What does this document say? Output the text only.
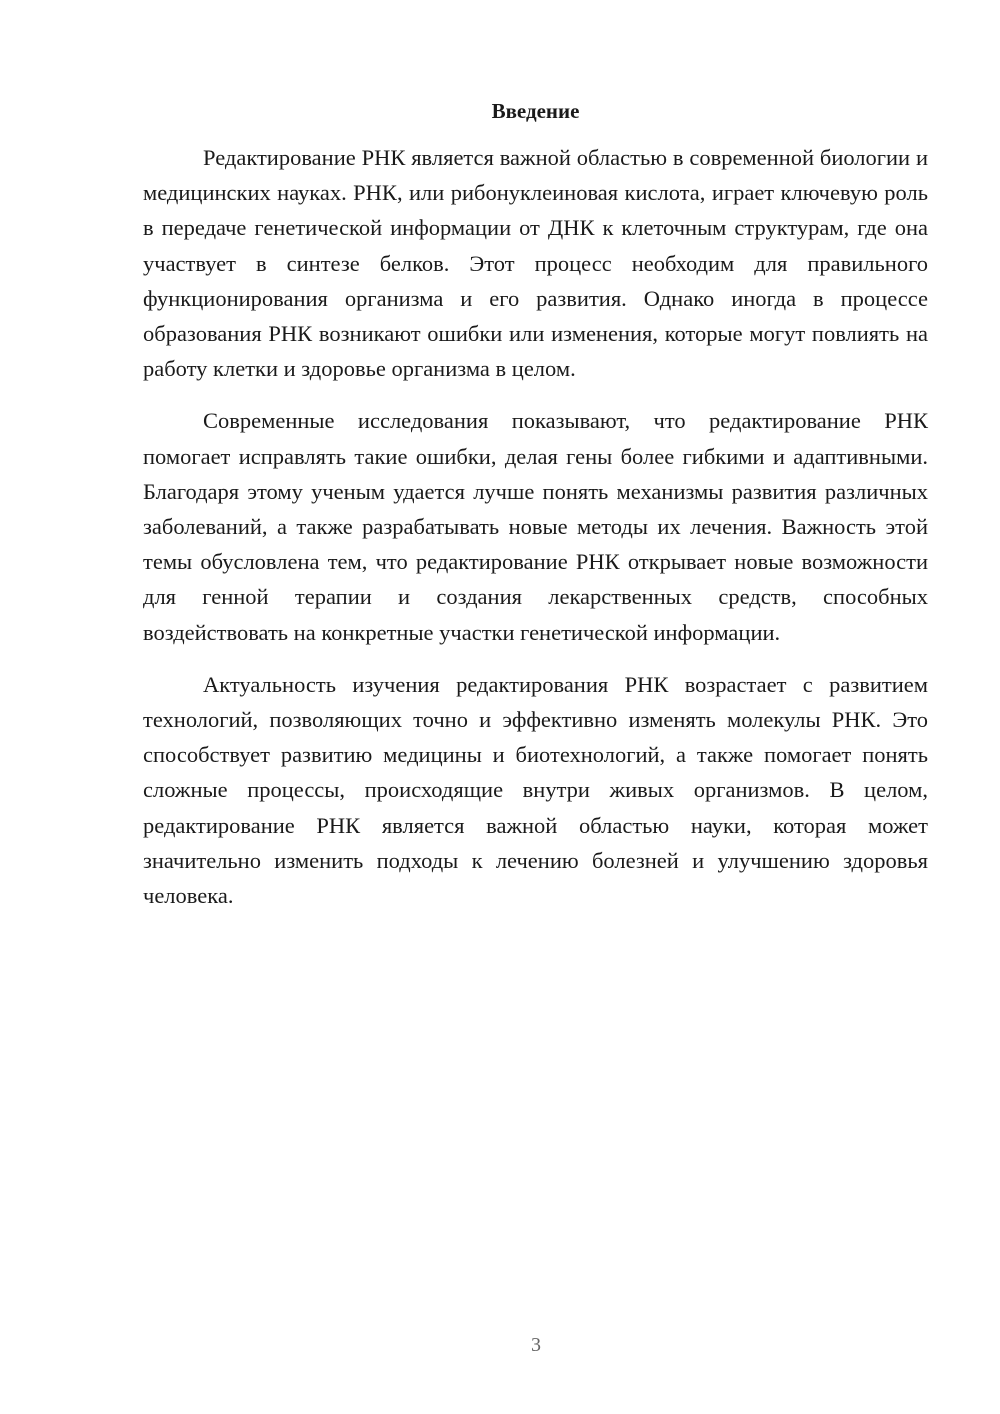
Введение

Редактирование РНК является важной областью в современной биологии и медицинских науках. РНК, или рибонуклеиновая кислота, играет ключевую роль в передаче генетической информации от ДНК к клеточным структурам, где она участвует в синтезе белков. Этот процесс необходим для правильного функционирования организма и его развития. Однако иногда в процессе образования РНК возникают ошибки или изменения, которые могут повлиять на работу клетки и здоровье организма в целом.

Современные исследования показывают, что редактирование РНК помогает исправлять такие ошибки, делая гены более гибкими и адаптивными. Благодаря этому ученым удается лучше понять механизмы развития различных заболеваний, а также разрабатывать новые методы их лечения. Важность этой темы обусловлена тем, что редактирование РНК открывает новые возможности для генной терапии и создания лекарственных средств, способных воздействовать на конкретные участки генетической информации.

Актуальность изучения редактирования РНК возрастает с развитием технологий, позволяющих точно и эффективно изменять молекулы РНК. Это способствует развитию медицины и биотехнологий, а также помогает понять сложные процессы, происходящие внутри живых организмов. В целом, редактирование РНК является важной областью науки, которая может значительно изменить подходы к лечению болезней и улучшению здоровья человека.

3
